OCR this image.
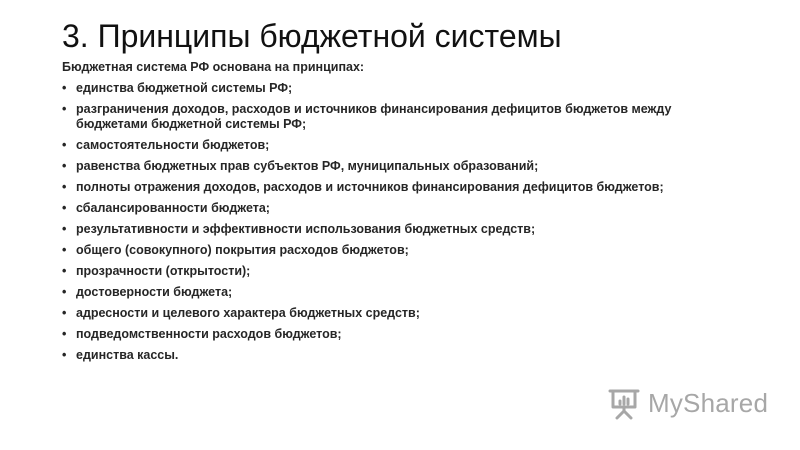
3. Принципы бюджетной системы

Бюджетная система РФ основана на принципах:

• единства бюджетной системы РФ;
• разграничения доходов, расходов и источников финансирования дефицитов бюджетов между бюджетами бюджетной системы РФ;
• самостоятельности бюджетов;
• равенства бюджетных прав субъектов РФ, муниципальных образований;
• полноты отражения доходов, расходов и источников финансирования дефицитов бюджетов;
• сбалансированности бюджета;
• результативности и эффективности использования бюджетных средств;
• общего (совокупного) покрытия расходов бюджетов;
• прозрачности (открытости);
• достоверности бюджета;
• адресности и целевого характера бюджетных средств;
• подведомственности расходов бюджетов;
• единства кассы.
MyShared
